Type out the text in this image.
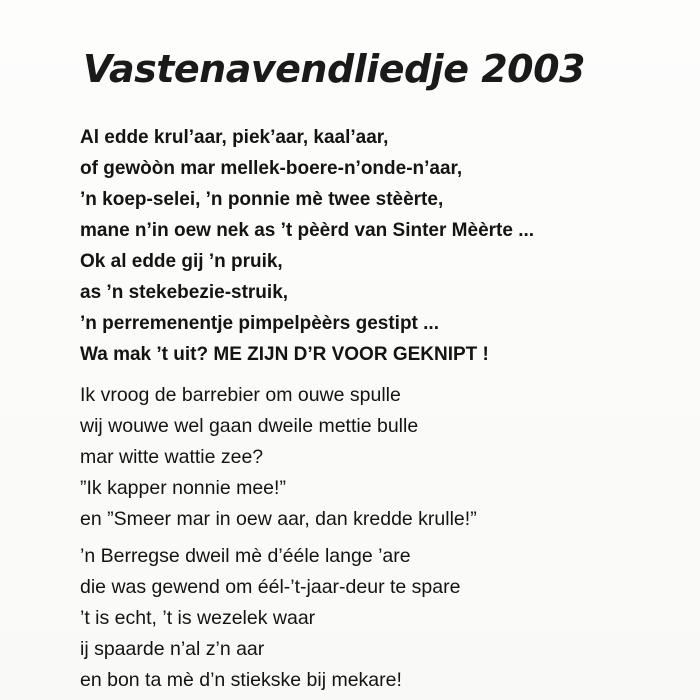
Vastenavendliedje 2003
Al edde krul’aar, piek’aar, kaal’aar,
of gewòòn mar mellek-boere-n’onde-n’aar,
’n koep-selei, ’n ponnie mè twee stèèrte,
mane n’in oew nek as ’t pèèrd van Sinter Mèèrte ...
Ok al edde gij ’n pruik,
as ’n stekebezie-struik,
’n perremenentje pimpelpèèrs gestipt ...
Wa mak ’t uit? ME ZIJN D’R VOOR GEKNIPT !
Ik vroog de barrebier om ouwe spulle
wij wouwe wel gaan dweile mettie bulle
mar witte wattie zee?
”Ik kapper nonnie mee!”
en ”Smeer mar in oew aar, dan kredde krulle!”
’n Berregse dweil mè d’ééle lange ’are
die was gewend om éél-’t-jaar-deur te spare
’t is echt, ’t is wezelek waar
ij spaarde n’al z’n aar
en bon ta mè d’n stiekske bij mekare!
